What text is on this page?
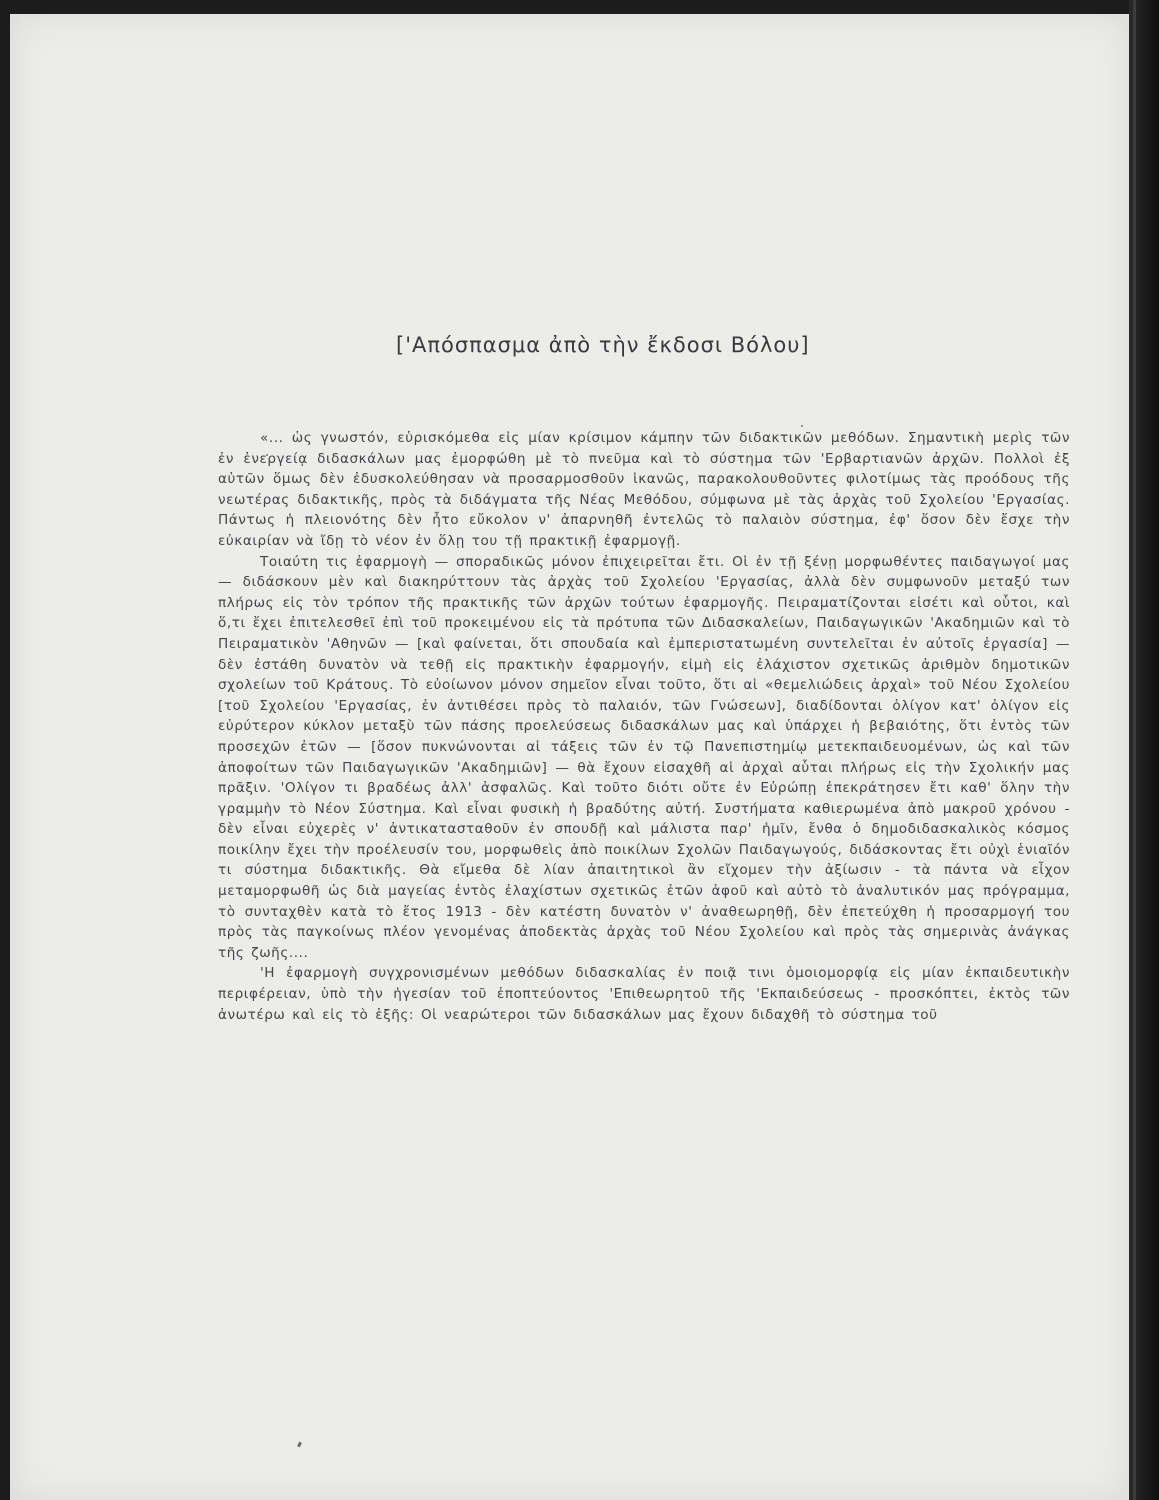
['Απόσπασμα ἀπὸ τὴν ἔκδοσι Βόλου]

«... ὡς γνωστόν, εὑρισκόμεθα εἰς μίαν κρίσιμον κάμπην τῶν διδακτικῶν μεθόδων. Σημαντικὴ μερὶς τῶν ἐν ἐνεργείᾳ διδασκάλων μας ἐμορφώθη μὲ τὸ πνεῦμα καὶ τὸ σύστημα τῶν 'Ερβαρτιανῶν ἀρχῶν. Πολλοὶ ἐξ αὐτῶν ὅμως δὲν ἐδυσκολεύθησαν νὰ προσαρμοσθοῦν ἱκανῶς, παρακολουθοῦντες φιλοτίμως τὰς προόδους τῆς νεωτέρας διδακτικῆς, πρὸς τὰ διδάγματα τῆς Νέας Μεθόδου, σύμφωνα μὲ τὰς ἀρχὰς τοῦ Σχολείου 'Εργασίας. Πάντως ἡ πλειονότης δὲν ἦτο εὔκολον ν' ἀπαρνηθῆ ἐντελῶς τὸ παλαιὸν σύστημα, ἐφ' ὅσον δὲν ἔσχε τὴν εὐκαιρίαν νὰ ἴδῃ τὸ νέον ἐν ὅλῃ του τῇ πρακτικῇ ἐφαρμογῇ.

Τοιαύτη τις ἐφαρμογὴ — σποραδικῶς μόνον ἐπιχειρεῖται ἔτι. Οἱ ἐν τῇ ξένῃ μορφωθέντες παιδαγωγοί μας — διδάσκουν μὲν καὶ διακηρύττουν τὰς ἀρχὰς τοῦ Σχολείου 'Εργασίας, ἀλλὰ δὲν συμφωνοῦν μεταξύ των πλήρως εἰς τὸν τρόπον τῆς πρακτικῆς τῶν ἀρχῶν τούτων ἐφαρμογῆς. Πειραματίζονται εἰσέτι καὶ οὗτοι, καὶ ὅ,τι ἔχει ἐπιτελεσθεῖ ἐπὶ τοῦ προκειμένου εἰς τὰ πρότυπα τῶν Διδασκαλείων, Παιδαγωγικῶν 'Ακαδημιῶν καὶ τὸ Πειραματικὸν 'Αθηνῶν — [καὶ φαίνεται, ὅτι σπουδαία καὶ ἐμπεριστατωμένη συντελεῖται ἐν αὐτοῖς ἐργασία] — δὲν ἐστάθη δυνατὸν νὰ τεθῇ εἰς πρακτικὴν ἐφαρμογήν, εἰμὴ εἰς ἐλάχιστον σχετικῶς ἀριθμὸν δημοτικῶν σχολείων τοῦ Κράτους. Τὸ εὐοίωνον μόνον σημεῖον εἶναι τοῦτο, ὅτι αἱ «θεμελιώδεις ἀρχαὶ» τοῦ Νέου Σχολείου [τοῦ Σχολείου 'Εργασίας, ἐν ἀντιθέσει πρὸς τὸ παλαιόν, τῶν Γνώσεων], διαδίδονται ὀλίγον κατ' ὀλίγον εἰς εὐρύτερον κύκλον μεταξὺ τῶν πάσης προελεύσεως διδασκάλων μας καὶ ὑπάρχει ἡ βεβαιότης, ὅτι ἐντὸς τῶν προσεχῶν ἐτῶν — [ὅσον πυκνώνονται αἱ τάξεις τῶν ἐν τῷ Πανεπιστημίῳ μετεκπαιδευομένων, ὡς καὶ τῶν ἀποφοίτων τῶν Παιδαγωγικῶν 'Ακαδημιῶν] — θὰ ἔχουν εἰσαχθῆ αἱ ἀρχαὶ αὗται πλήρως εἰς τὴν Σχολικήν μας πρᾶξιν. 'Ολίγον τι βραδέως ἀλλ' ἀσφαλῶς. Καὶ τοῦτο διότι οὔτε ἐν Εὐρώπῃ ἐπεκράτησεν ἔτι καθ' ὅλην τὴν γραμμὴν τὸ Νέον Σύστημα. Καὶ εἶναι φυσικὴ ἡ βραδύτης αὐτή. Συστήματα καθιερωμένα ἀπὸ μακροῦ χρόνου - δὲν εἶναι εὐχερὲς ν' ἀντικατασταθοῦν ἐν σπουδῇ καὶ μάλιστα παρ' ἡμῖν, ἔνθα ὁ δημοδιδασκαλικὸς κόσμος ποικίλην ἔχει τὴν προέλευσίν του, μορφωθεὶς ἀπὸ ποικίλων Σχολῶν Παιδαγωγούς, διδάσκοντας ἔτι οὐχὶ ἑνιαῖόν τι σύστημα διδακτικῆς. Θὰ εἴμεθα δὲ λίαν ἀπαιτητικοὶ ἂν εἴχομεν τὴν ἀξίωσιν - τὰ πάντα νὰ εἶχον μεταμορφωθῆ ὡς διὰ μαγείας ἐντὸς ἐλαχίστων σχετικῶς ἐτῶν ἀφοῦ καὶ αὐτὸ τὸ ἀναλυτικόν μας πρόγραμμα, τὸ συνταχθὲν κατὰ τὸ ἔτος 1913 - δὲν κατέστη δυνατὸν ν' ἀναθεωρηθῇ, δὲν ἐπετεύχθη ἡ προσαρμογή του πρὸς τὰς παγκοίνως πλέον γενομένας ἀποδεκτὰς ἀρχὰς τοῦ Νέου Σχολείου καὶ πρὸς τὰς σημερινὰς ἀνάγκας τῆς ζωῆς....

'Η ἐφαρμογὴ συγχρονισμένων μεθόδων διδασκαλίας ἐν ποιᾷ τινι ὁμοιομορφίᾳ εἰς μίαν ἐκπαιδευτικὴν περιφέρειαν, ὑπὸ τὴν ἡγεσίαν τοῦ ἐποπτεύοντος 'Επιθεωρητοῦ τῆς 'Εκπαιδεύσεως - προσκόπτει, ἐκτὸς τῶν ἀνωτέρω καὶ εἰς τὸ ἑξῆς: Οἱ νεαρώτεροι τῶν διδασκάλων μας ἔχουν διδαχθῆ τὸ σύστημα τοῦ
